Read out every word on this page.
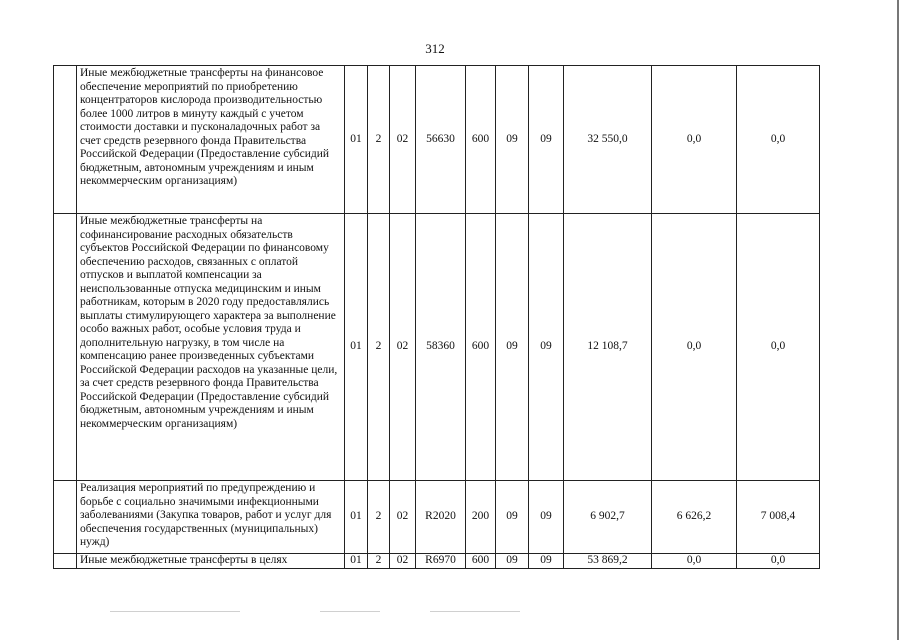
312
	Иные межбюджетные трансферты на финансовое обеспечение мероприятий по приобретению концентраторов кислорода производительностью более 1000 литров в минуту каждый с учетом стоимости доставки и пусконаладочных работ за счет средств резервного фонда Правительства Российской Федерации (Предоставление субсидий бюджетным, автономным учреждениям и иным некоммерческим организациям)	01	2	02	56630	600	09	09	32 550,0	0,0	0,0
	Иные межбюджетные трансферты на софинансирование расходных обязательств субъектов Российской Федерации по финансовому обеспечению расходов, связанных с оплатой отпусков и выплатой компенсации за неиспользованные отпуска медицинским и иным работникам, которым в 2020 году предоставлялись выплаты стимулирующего характера за выполнение особо важных работ, особые условия труда и дополнительную нагрузку, в том числе на компенсацию ранее произведенных субъектами Российской Федерации расходов на указанные цели, за счет средств резервного фонда Правительства Российской Федерации (Предоставление субсидий бюджетным, автономным учреждениям и иным некоммерческим организациям)	01	2	02	58360	600	09	09	12 108,7	0,0	0,0
	Реализация мероприятий по предупреждению и борьбе с социально значимыми инфекционными заболеваниями (Закупка товаров, работ и услуг для обеспечения государственных (муниципальных) нужд)	01	2	02	R2020	200	09	09	6 902,7	6 626,2	7 008,4
	Иные межбюджетные трансферты в целях	01	2	02	R6970	600	09	09	53 869,2	0,0	0,0
